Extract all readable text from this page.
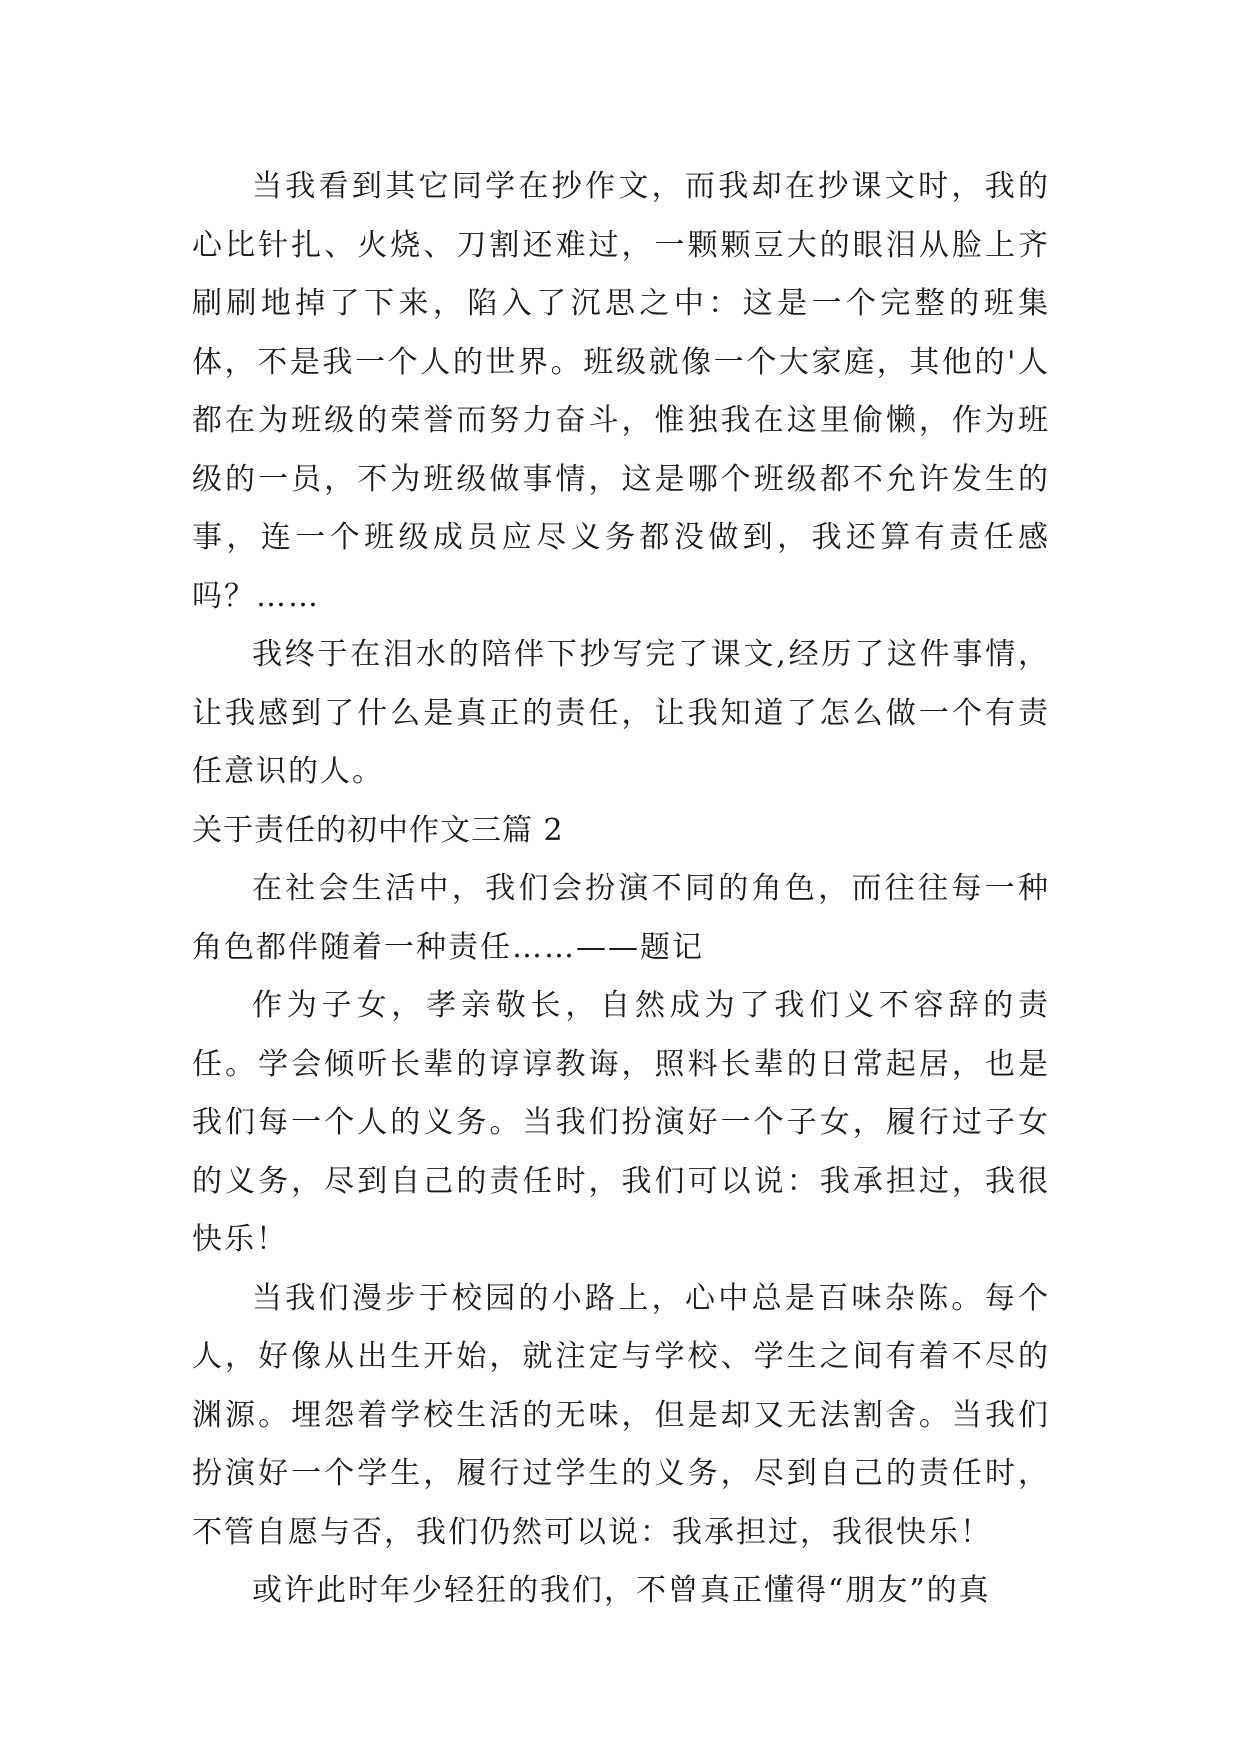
当我看到其它同学在抄作文，而我却在抄课文时，我的心比针扎、火烧、刀割还难过，一颗颗豆大的眼泪从脸上齐刷刷地掉了下来，陷入了沉思之中：这是一个完整的班集体，不是我一个人的世界。班级就像一个大家庭，其他的'人都在为班级的荣誉而努力奋斗，惟独我在这里偷懒，作为班级的一员，不为班级做事情，这是哪个班级都不允许发生的事，连一个班级成员应尽义务都没做到，我还算有责任感吗？……

我终于在泪水的陪伴下抄写完了课文,经历了这件事情，让我感到了什么是真正的责任，让我知道了怎么做一个有责任意识的人。

关于责任的初中作文三篇 2

在社会生活中，我们会扮演不同的角色，而往往每一种角色都伴随着一种责任……——题记

作为子女，孝亲敬长，自然成为了我们义不容辞的责任。学会倾听长辈的谆谆教诲，照料长辈的日常起居，也是我们每一个人的义务。当我们扮演好一个子女，履行过子女的义务，尽到自己的责任时，我们可以说：我承担过，我很快乐！

当我们漫步于校园的小路上，心中总是百味杂陈。每个人，好像从出生开始，就注定与学校、学生之间有着不尽的渊源。埋怨着学校生活的无味，但是却又无法割舍。当我们扮演好一个学生，履行过学生的义务，尽到自己的责任时，不管自愿与否，我们仍然可以说：我承担过，我很快乐！

或许此时年少轻狂的我们，不曾真正懂得“朋友”的真
